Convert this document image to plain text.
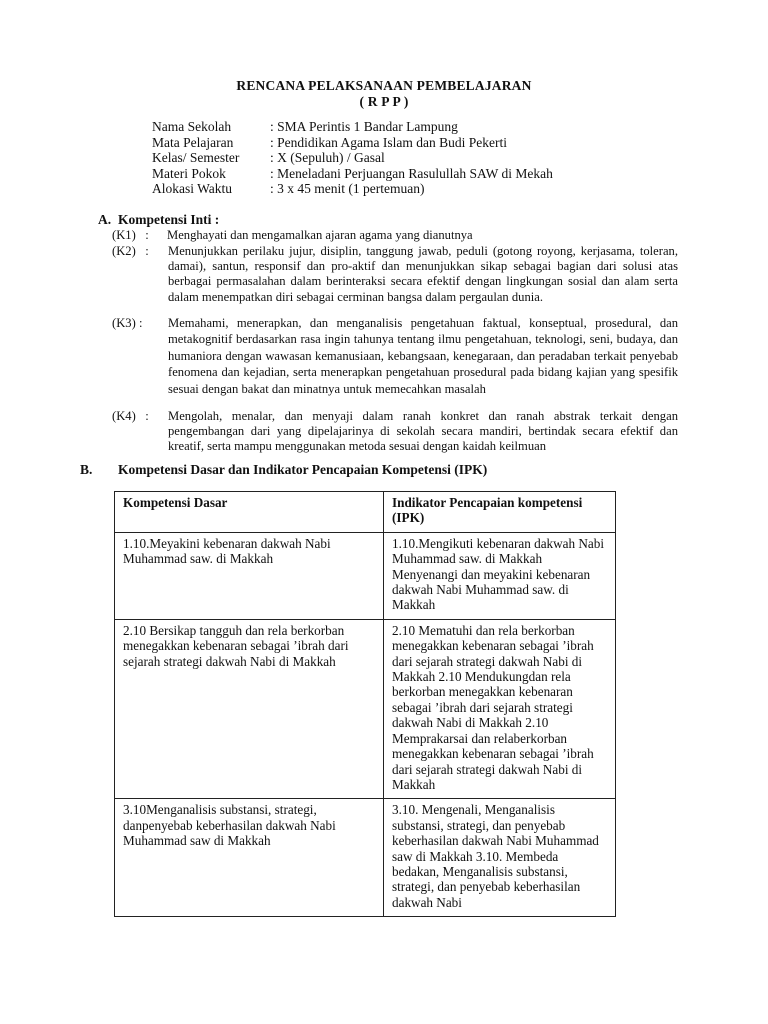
RENCANA PELAKSANAAN PEMBELAJARAN
( R P P )
Nama Sekolah	: SMA Perintis 1 Bandar Lampung
Mata Pelajaran	: Pendidikan Agama Islam dan Budi Pekerti
Kelas/ Semester	: X (Sepuluh) / Gasal
Materi Pokok	: Meneladani Perjuangan Rasulullah SAW di Mekah
Alokasi Waktu	: 3 x 45 menit (1 pertemuan)
A. Kompetensi Inti :
(K1) :	Menghayati dan mengamalkan ajaran agama yang dianutnya
(K2) : Menunjukkan perilaku jujur, disiplin, tanggung jawab, peduli (gotong royong, kerjasama, toleran, damai), santun, responsif dan pro-aktif dan menunjukkan sikap sebagai bagian dari solusi atas berbagai permasalahan dalam berinteraksi secara efektif dengan lingkungan sosial dan alam serta dalam menempatkan diri sebagai cerminan bangsa dalam pergaulan dunia.
(K3) : Memahami, menerapkan, dan menganalisis pengetahuan faktual, konseptual, prosedural, dan metakognitif berdasarkan rasa ingin tahunya tentang ilmu pengetahuan, teknologi, seni, budaya, dan humaniora dengan wawasan kemanusiaan, kebangsaan, kenegaraan, dan peradaban terkait penyebab fenomena dan kejadian, serta menerapkan pengetahuan prosedural pada bidang kajian yang spesifik sesuai dengan bakat dan minatnya untuk memecahkan masalah
(K4) : Mengolah, menalar, dan menyaji dalam ranah konkret dan ranah abstrak terkait dengan pengembangan dari yang dipelajarinya di sekolah secara mandiri, bertindak secara efektif dan kreatif, serta mampu menggunakan metoda sesuai dengan kaidah keilmuan
B. Kompetensi Dasar dan Indikator Pencapaian Kompetensi (IPK)
Kompetensi Dasar	Indikator Pencapaian kompetensi (IPK)
1.10.Meyakini kebenaran dakwah Nabi Muhammad saw. di Makkah	1.10.Mengikuti kebenaran dakwah Nabi Muhammad saw. di Makkah Menyenangi dan meyakini kebenaran dakwah Nabi Muhammad saw. di Makkah
2.10 Bersikap tangguh dan rela berkorban menegakkan kebenaran sebagai ’ibrah dari sejarah strategi dakwah Nabi di Makkah	2.10 Mematuhi dan rela berkorban menegakkan kebenaran sebagai ’ibrah dari sejarah strategi dakwah Nabi di Makkah 2.10 Mendukungdan rela berkorban menegakkan kebenaran sebagai ’ibrah dari sejarah strategi dakwah Nabi di Makkah 2.10 Memprakarsai dan relaberkorban menegakkan kebenaran sebagai ’ibrah dari sejarah strategi dakwah Nabi di Makkah
3.10Menganalisis substansi, strategi, danpenyebab keberhasilan dakwah Nabi Muhammad saw di Makkah	3.10. Mengenali, Menganalisis substansi, strategi, dan penyebab keberhasilan dakwah Nabi Muhammad saw di Makkah 3.10. Membeda bedakan, Menganalisis substansi, strategi, dan penyebab keberhasilan dakwah Nabi
